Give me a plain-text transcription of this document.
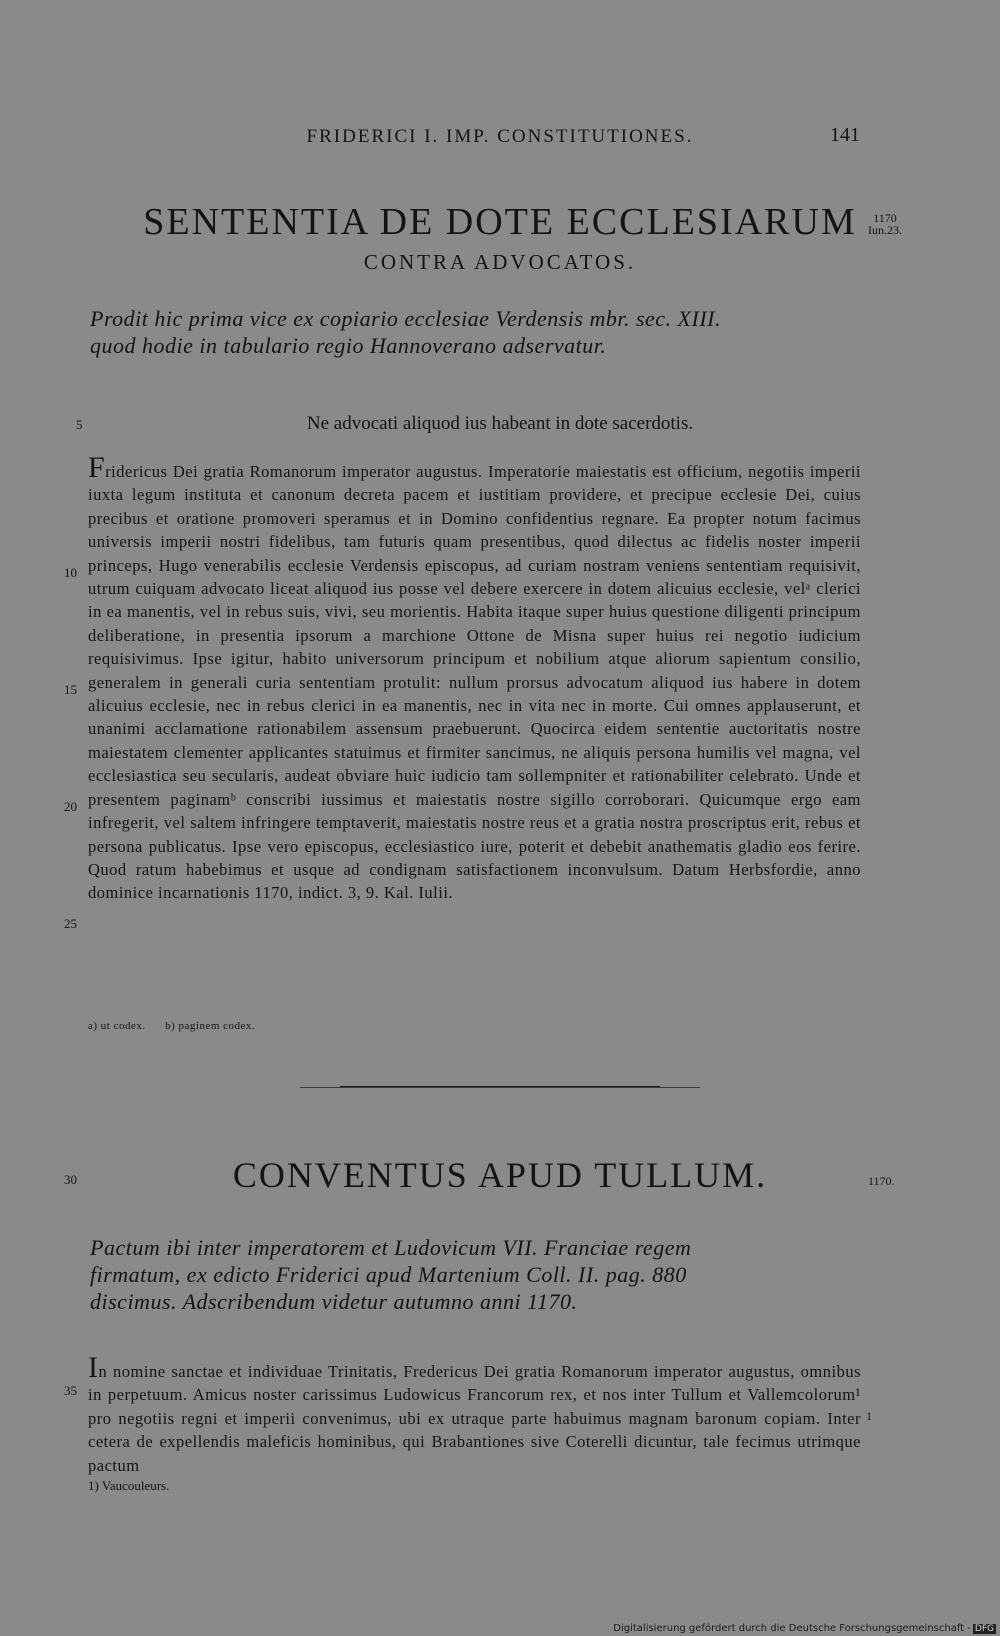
FRIDERICI I. IMP. CONSTITUTIONES.	141
SENTENTIA DE DOTE ECCLESIARUM
CONTRA ADVOCATOS.
1170
Iun.23.
Prodit hic prima vice ex copiario ecclesiae Verdensis mbr. sec. XIII.
quod hodie in tabulario regio Hannoverano adservatur.
Ne advocati aliquod ius habeant in dote sacerdotis.

Fridericus Dei gratia Romanorum imperator augustus. Imperatorie maiestatis est officium, negotiis imperii iuxta legum instituta et canonum decreta pacem et iustitiam providere, et precipue ecclesie Dei, cuius precibus et oratione promoveri speramus et in Domino confidentius regnare. Ea propter notum facimus universis imperii nostri fidelibus, tam futuris quam presentibus, quod dilectus ac fidelis noster imperii princeps, Hugo venerabilis ecclesie Verdensis episcopus, ad curiam nostram veniens sententiam requisivit, utrum cuiquam advocato liceat aliquod ius posse vel debere exercere in dotem alicuius ecclesie, velᵃ clerici in ea manentis, vel in rebus suis, vivi, seu morientis. Habita itaque super huius questione diligenti principum deliberatione, in presentia ipsorum a marchione Ottone de Misna super huius rei negotio iudicium requisivimus. Ipse igitur, habito universorum principum et nobilium atque aliorum sapientum consilio, generalem in generali curia sententiam protulit: nullum prorsus advocatum aliquod ius habere in dotem alicuius ecclesie, nec in rebus clerici in ea manentis, nec in vita nec in morte. Cui omnes applauserunt, et unanimi acclamatione rationabilem assensum praebuerunt. Quocirca eidem sententie auctoritatis nostre maiestatem clementer applicantes statuimus et firmiter sancimus, ne aliquis persona humilis vel magna, vel ecclesiastica seu secularis, audeat obviare huic iudicio tam sollempniter et rationabiliter celebrato. Unde et presentem paginamᵇ conscribi iussimus et maiestatis nostre sigillo corroborari. Quicumque ergo eam infregerit, vel saltem infringere temptaverit, maiestatis nostre reus et a gratia nostra proscriptus erit, rebus et persona publicatus. Ipse vero episcopus, ecclesiastico iure, poterit et debebit anathematis gladio eos ferire. Quod ratum habebimus et usque ad condignam satisfactionem inconvulsum. Datum Herbsfordie, anno dominice incarnationis 1170, indict. 3, 9. Kal. Iulii.

5
10
15
20
25
30
35
a) ut codex.      b) paginem codex.
CONVENTUS APUD TULLUM.	1170.
Pactum ibi inter imperatorem et Ludovicum VII. Franciae regem
firmatum, ex edicto Friderici apud Martenium Coll. II. pag. 880
discimus. Adscribendum videtur autumno anni 1170.

In nomine sanctae et individuae Trinitatis, Fredericus Dei gratia Romanorum imperator augustus, omnibus in perpetuum. Amicus noster carissimus Ludowicus Francorum rex, et nos inter Tullum et Vallemcolorum¹ pro negotiis regni et imperii convenimus, ubi ex utraque parte habuimus magnam baronum copiam. Inter cetera de expellendis maleficis hominibus, qui Brabantiones sive Coterelli dicuntur, tale fecimus utrimque pactum

1
1) Vaucouleurs.
Digitalisierung gefördert durch die Deutsche Forschungsgemeinschaft - DFG
